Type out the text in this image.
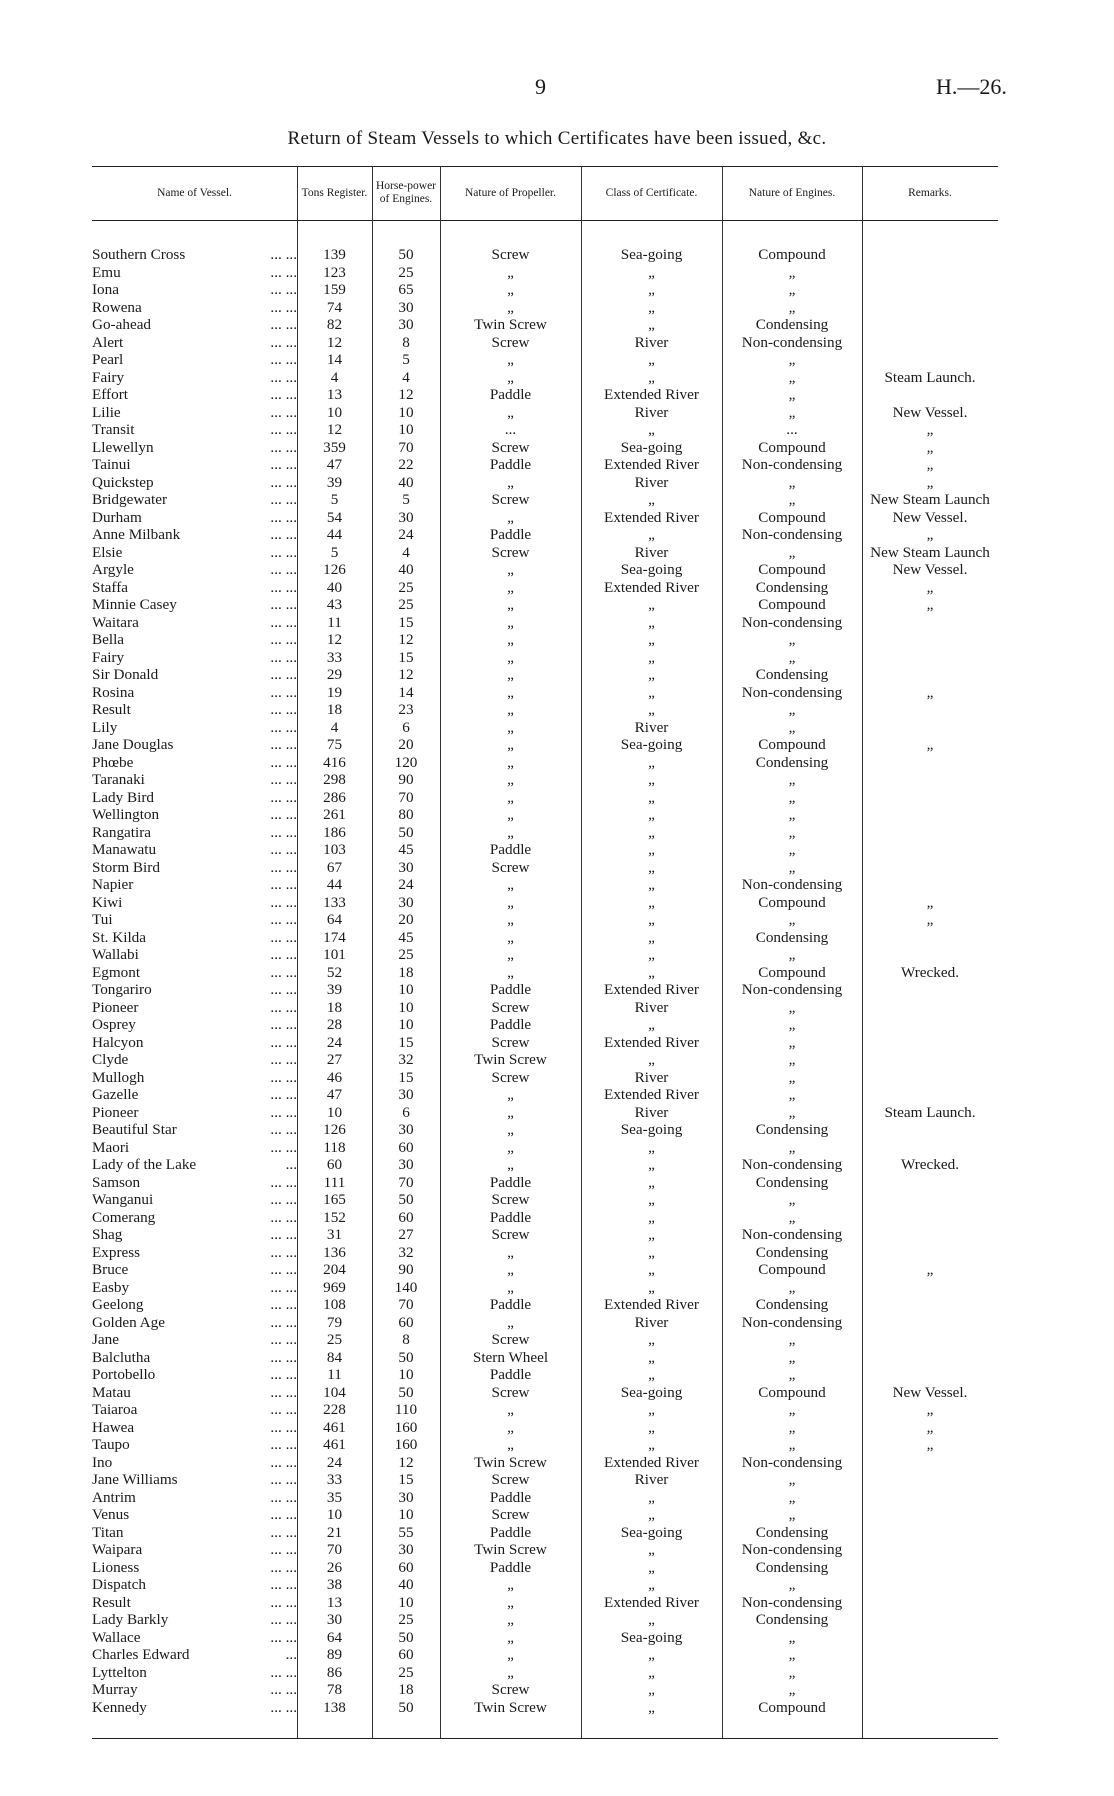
9	H.—26.
Return of Steam Vessels to which Certificates have been issued, &c.
Name of Vessel.	Tons Register.	Horse-power of Engines.	Nature of Propeller.	Class of Certificate.	Nature of Engines.	Remarks.
Southern Cross	... ...	139	50	Screw	Sea-going	Compound	
Emu	... ...	123	25	„	„	„	
Iona	... ...	159	65	„	„	„	
Rowena	... ...	74	30	„	„	„	
Go-ahead	... ...	82	30	Twin Screw	„	Condensing	
Alert	... ...	12	8	Screw	River	Non-condensing	
Pearl	... ...	14	5	„	„	„	
Fairy	... ...	4	4	„	„	„	Steam Launch.
Effort	... ...	13	12	Paddle	Extended River	„	
Lilie	... ...	10	10	„	River	„	New Vessel.
Transit	... ...	12	10	...	„	...	„
Llewellyn	... ...	359	70	Screw	Sea-going	Compound	„
Tainui	... ...	47	22	Paddle	Extended River	Non-condensing	„
Quickstep	... ...	39	40	„	River	„	„
Bridgewater	... ...	5	5	Screw	„	„	New Steam Launch
Durham	... ...	54	30	„	Extended River	Compound	New Vessel.
Anne Milbank	... ...	44	24	Paddle	„	Non-condensing	„
Elsie	... ...	5	4	Screw	River	„	New Steam Launch
Argyle	... ...	126	40	„	Sea-going	Compound	New Vessel.
Staffa	... ...	40	25	„	Extended River	Condensing	„
Minnie Casey	... ...	43	25	„	„	Compound	„
Waitara	... ...	11	15	„	„	Non-condensing	
Bella	... ...	12	12	„	„	„	
Fairy	... ...	33	15	„	„	„	
Sir Donald	... ...	29	12	„	„	Condensing	
Rosina	... ...	19	14	„	„	Non-condensing	„
Result	... ...	18	23	„	„	„	
Lily	... ...	4	6	„	River	„	
Jane Douglas	... ...	75	20	„	Sea-going	Compound	„
Phœbe	... ...	416	120	„	„	Condensing	
Taranaki	... ...	298	90	„	„	„	
Lady Bird	... ...	286	70	„	„	„	
Wellington	... ...	261	80	„	„	„	
Rangatira	... ...	186	50	„	„	„	
Manawatu	... ...	103	45	Paddle	„	„	
Storm Bird	... ...	67	30	Screw	„	„	
Napier	... ...	44	24	„	„	Non-condensing	
Kiwi	... ...	133	30	„	„	Compound	„
Tui	... ...	64	20	„	„	„	„
St. Kilda	... ...	174	45	„	„	Condensing	
Wallabi	... ...	101	25	„	„	„	
Egmont	... ...	52	18	„	„	Compound	Wrecked.
Tongariro	... ...	39	10	Paddle	Extended River	Non-condensing	
Pioneer	... ...	18	10	Screw	River	„	
Osprey	... ...	28	10	Paddle	„	„	
Halcyon	... ...	24	15	Screw	Extended River	„	
Clyde	... ...	27	32	Twin Screw	„	„	
Mullogh	... ...	46	15	Screw	River	„	
Gazelle	... ...	47	30	„	Extended River	„	
Pioneer	... ...	10	6	„	River	„	Steam Launch.
Beautiful Star	... ...	126	30	„	Sea-going	Condensing	
Maori	... ...	118	60	„	„	„	
Lady of the Lake	...	60	30	„	„	Non-condensing	Wrecked.
Samson	... ...	111	70	Paddle	„	Condensing	
Wanganui	... ...	165	50	Screw	„	„	
Comerang	... ...	152	60	Paddle	„	„	
Shag	... ...	31	27	Screw	„	Non-condensing	
Express	... ...	136	32	„	„	Condensing	
Bruce	... ...	204	90	„	„	Compound	„
Easby	... ...	969	140	„	„	„	
Geelong	... ...	108	70	Paddle	Extended River	Condensing	
Golden Age	... ...	79	60	„	River	Non-condensing	
Jane	... ...	25	8	Screw	„	„	
Balclutha	... ...	84	50	Stern Wheel	„	„	
Portobello	... ...	11	10	Paddle	„	„	
Matau	... ...	104	50	Screw	Sea-going	Compound	New Vessel.
Taiaroa	... ...	228	110	„	„	„	„
Hawea	... ...	461	160	„	„	„	„
Taupo	... ...	461	160	„	„	„	„
Ino	... ...	24	12	Twin Screw	Extended River	Non-condensing	
Jane Williams	... ...	33	15	Screw	River	„	
Antrim	... ...	35	30	Paddle	„	„	
Venus	... ...	10	10	Screw	„	„	
Titan	... ...	21	55	Paddle	Sea-going	Condensing	
Waipara	... ...	70	30	Twin Screw	„	Non-condensing	
Lioness	... ...	26	60	Paddle	„	Condensing	
Dispatch	... ...	38	40	„	„	„	
Result	... ...	13	10	„	Extended River	Non-condensing	
Lady Barkly	... ...	30	25	„	„	Condensing	
Wallace	... ...	64	50	„	Sea-going	„	
Charles Edward	...	89	60	„	„	„	
Lyttelton	... ...	86	25	„	„	„	
Murray	... ...	78	18	Screw	„	„	
Kennedy	... ...	138	50	Twin Screw	„	Compound	
